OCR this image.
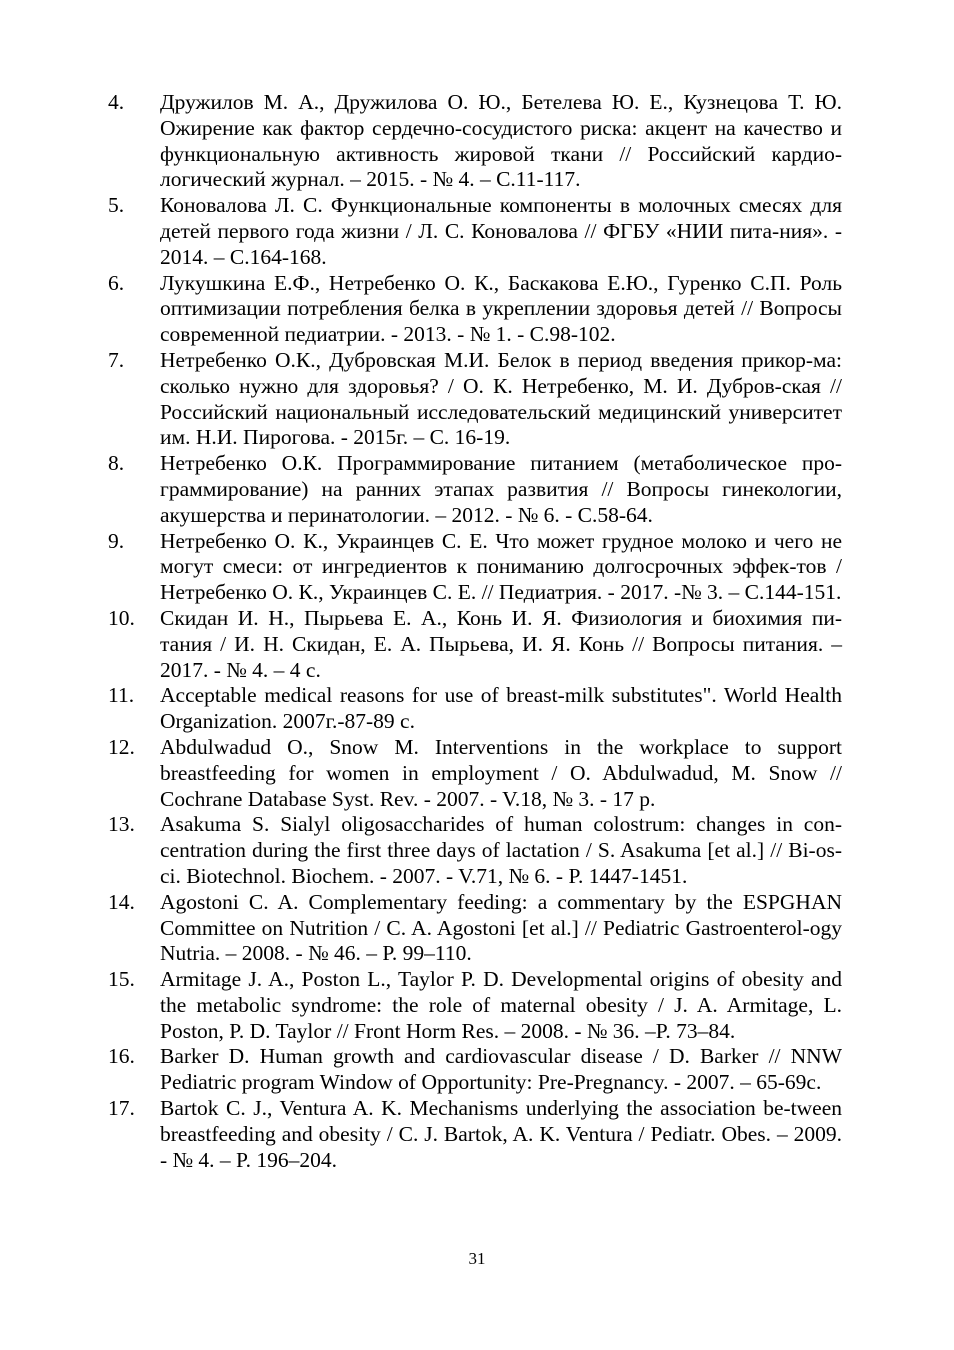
4.	Дружилов М. А., Дружилова О. Ю., Бетелева Ю. Е., Кузнецова Т. Ю. Ожирение как фактор сердечно-сосудистого риска: акцент на качество и функциональную активность жировой ткани // Российский кардио-логический журнал. – 2015. - № 4. – С.11-117.
5.	Коновалова Л. С. Функциональные компоненты в молочных смесях для детей первого года жизни / Л. С. Коновалова // ФГБУ «НИИ пита-ния». - 2014. – С.164-168.
6.	Лукушкина Е.Ф., Нетребенко О. К., Баскакова Е.Ю., Гуренко С.П. Роль оптимизации потребления белка в укреплении здоровья детей // Вопросы современной педиатрии. - 2013. - № 1. - С.98-102.
7.	Нетребенко О.К., Дубровская М.И. Белок в период введения прикор-ма: сколько нужно для здоровья? / О. К. Нетребенко, М. И. Дубров-ская // Российский национальный исследовательский медицинский университет им. Н.И. Пирогова. - 2015г. – С. 16-19.
8.	Нетребенко О.К. Программирование питанием (метаболическое про-граммирование) на ранних этапах развития // Вопросы гинекологии, акушерства и перинатологии. – 2012. - № 6. - С.58-64.
9.	Нетребенко О. К., Украинцев С. Е. Что может грудное молоко и чего не могут смеси: от ингредиентов к пониманию долгосрочных эффек-тов / Нетребенко О. К., Украинцев С. Е. // Педиатрия. - 2017. -№ 3. – С.144-151.
10.	Скидан И. Н., Пырьева Е. А., Конь И. Я. Физиология и биохимия пи-тания / И. Н. Скидан, Е. А. Пырьева, И. Я. Конь // Вопросы питания. – 2017. - № 4. – 4 с.
11.	Acceptable medical reasons for use of breast-milk substitutes". World Health Organization. 2007г.-87-89 с.
12.	Abdulwadud O., Snow M. Interventions in the workplace to support breastfeeding for women in employment / O. Abdulwadud, M. Snow // Cochrane Database Syst. Rev. - 2007. - V.18, № 3. - 17 p.
13.	Asakuma S. Sialyl oligosaccharides of human colostrum: changes in con-centration during the first three days of lactation / S. Asakuma [et al.] // Bi-os-ci. Biotechnol. Biochem. - 2007. - V.71, № 6. - P. 1447-1451.
14.	Agostoni C. A. Complementary feeding: a commentary by the ESPGHAN Committee on Nutrition / C. A. Agostoni [et al.] // Pediatric Gastroenterol-ogy Nutria. – 2008. - № 46. – P. 99–110.
15.	Armitage J. A., Poston L., Taylor P. D. Developmental origins of obesity and the metabolic syndrome: the role of maternal obesity / J. A. Armitage, L. Poston, P. D. Taylor // Front Horm Res. – 2008. - № 36. –P. 73–84.
16.	Barker D. Human growth and cardiovascular disease / D. Barker // NNW Pediatric program Window of Opportunity: Pre-Pregnancy. - 2007. – 65-69c.
17.	Bartok C. J., Ventura A. K. Mechanisms underlying the association be-tween breastfeeding and obesity / C. J. Bartok, A. K. Ventura / Pediatr. Obes. – 2009. - № 4. – P. 196–204.
31
